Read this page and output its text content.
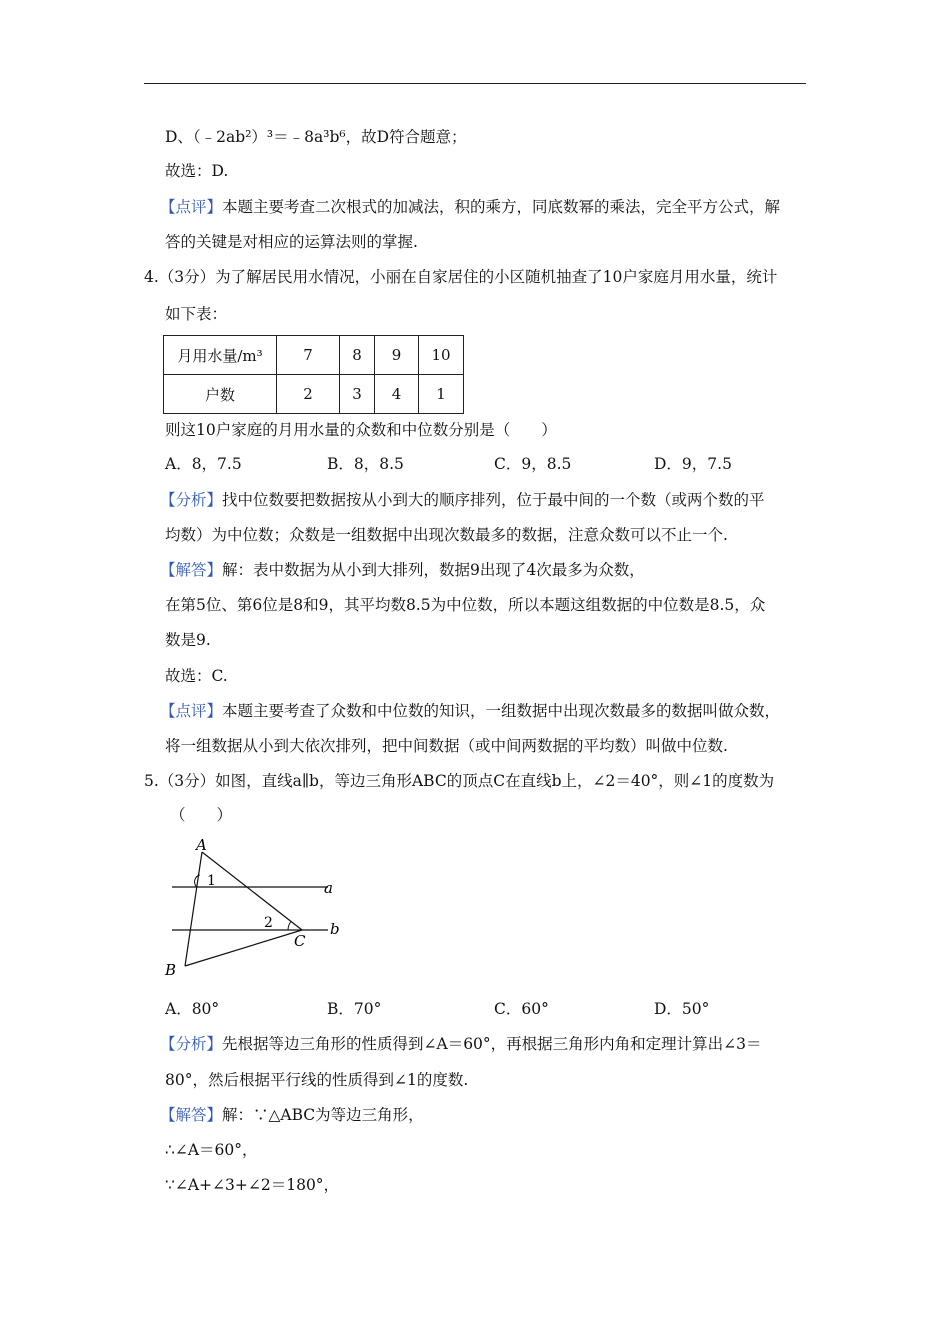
D、（﹣2ab²）³＝﹣8a³b⁶，故D符合题意；
故选：D.
【点评】本题主要考查二次根式的加减法，积的乘方，同底数幂的乘法，完全平方公式，解
答的关键是对相应的运算法则的掌握.
4.（3分）为了解居民用水情况，小丽在自家居住的小区随机抽查了10户家庭月用水量，统计
如下表：
月用水量/m³	7	8	9	10
户数	2	3	4	1
则这10户家庭的月用水量的众数和中位数分别是（　　）
A．8，7.5	B．8，8.5	C．9，8.5	D．9，7.5
【分析】找中位数要把数据按从小到大的顺序排列，位于最中间的一个数（或两个数的平
均数）为中位数；众数是一组数据中出现次数最多的数据，注意众数可以不止一个.
【解答】解：表中数据为从小到大排列，数据9出现了4次最多为众数，
在第5位、第6位是8和9，其平均数8.5为中位数，所以本题这组数据的中位数是8.5，众
数是9.
故选：C.
【点评】本题主要考查了众数和中位数的知识，一组数据中出现次数最多的数据叫做众数，
将一组数据从小到大依次排列，把中间数据（或中间两数据的平均数）叫做中位数.
5.（3分）如图，直线a∥b，等边三角形ABC的顶点C在直线b上，∠2＝40°，则∠1的度数为
（　　）
A
B
C
a
b
1
2
A．80°	B．70°	C．60°	D．50°
【分析】先根据等边三角形的性质得到∠A＝60°，再根据三角形内角和定理计算出∠3＝
80°，然后根据平行线的性质得到∠1的度数.
【解答】解：∵△ABC为等边三角形，
∴∠A＝60°，
∵∠A+∠3+∠2＝180°，
